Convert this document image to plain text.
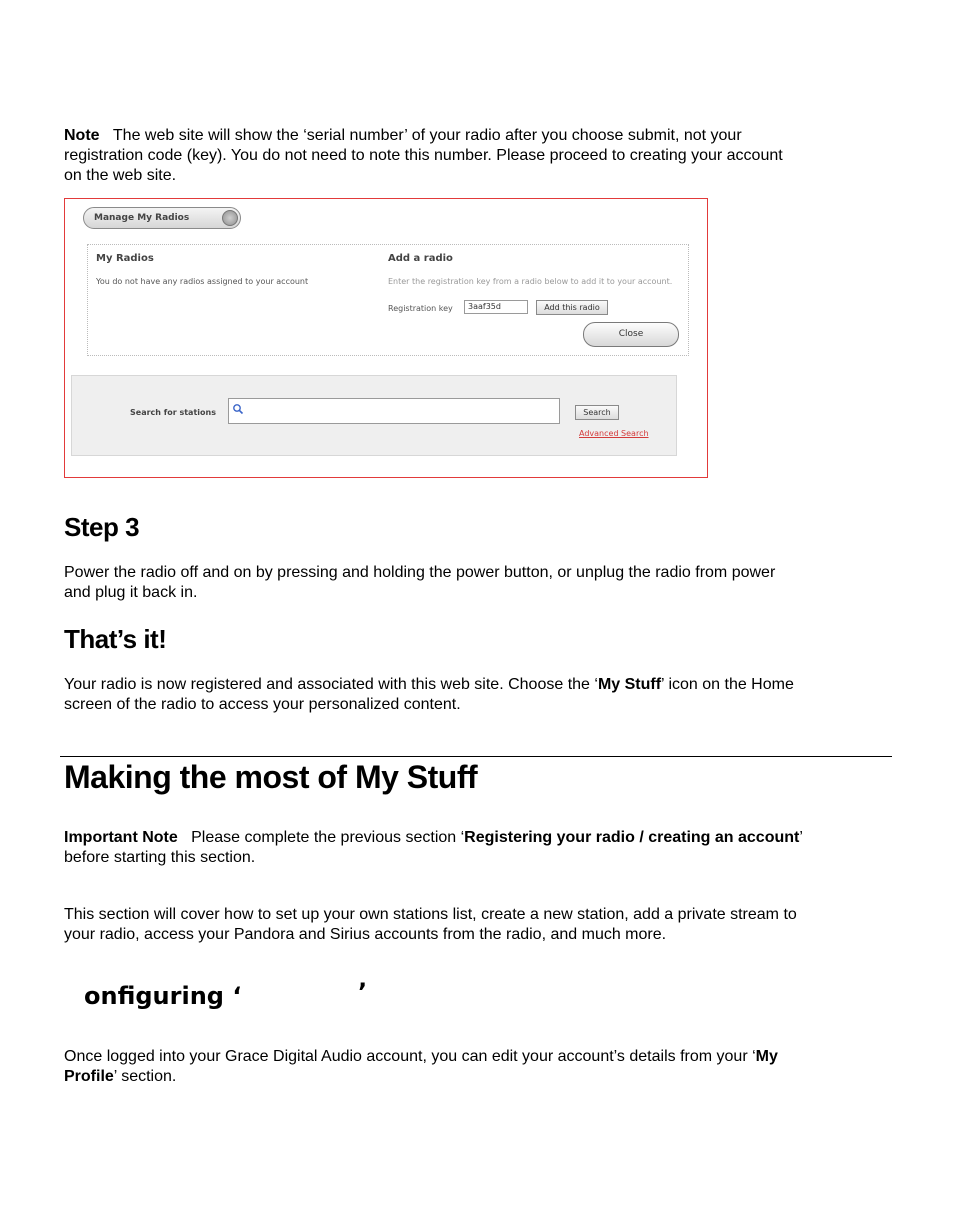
Note The web site will show the ‘serial number’ of your radio after you choose submit, not your
registration code (key). You do not need to note this number. Please proceed to creating your account
on the web site.
Manage My Radios
My Radios
You do not have any radios assigned to your account
Add a radio
Enter the registration key from a radio below to add it to your account.
Registration key	3aaf35d	Add this radio
Close
Search for stations	Search
Advanced Search
Step 3
Power the radio off and on by pressing and holding the power button, or unplug the radio from power
and plug it back in.
That’s it!
Your radio is now registered and associated with this web site. Choose the ‘My Stuff’ icon on the Home
screen of the radio to access your personalized content.
Making the most of My Stuff
Important Note Please complete the previous section ‘Registering your radio / creating an account’
before starting this section.
This section will cover how to set up your own stations list, create a new station, add a private stream to
your radio, access your Pandora and Sirius accounts from the radio, and much more.
onfiguring ‘	’
Once logged into your Grace Digital Audio account, you can edit your account’s details from your ‘My
Profile’ section.
